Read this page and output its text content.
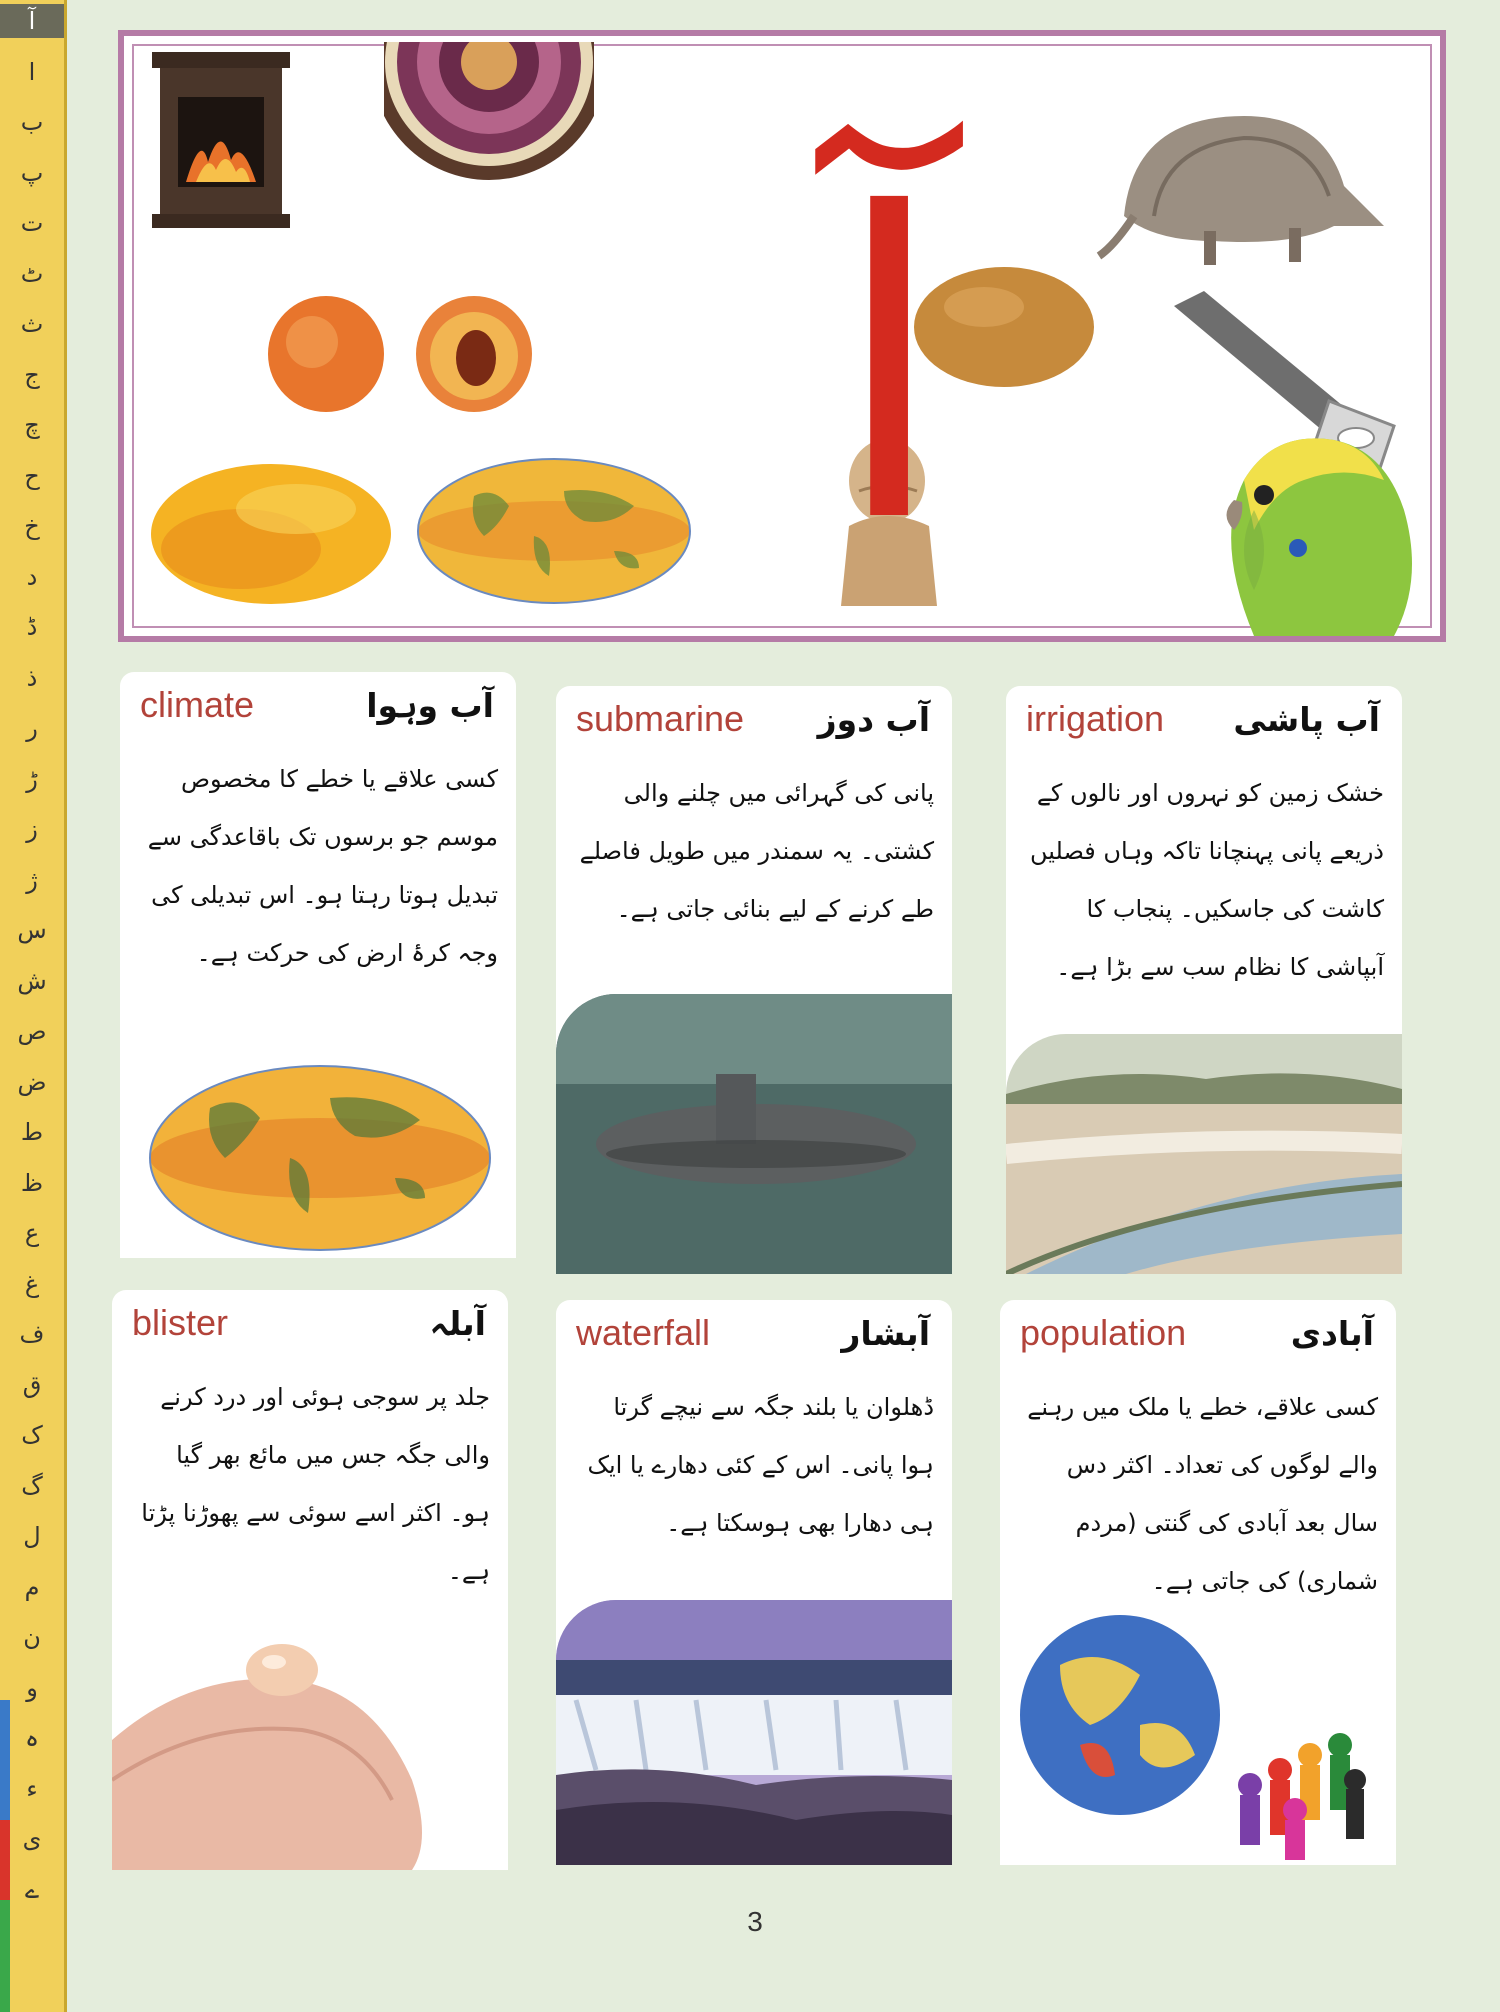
آ
ا
ب
پ
ت
ٹ
ث
ج
چ
ح
خ
د
ڈ
ذ
ر
ڑ
ز
ژ
س
ش
ص
ض
ط
ظ
ع
غ
ف
ق
ک
گ
ل
م
ن
و
ہ
ء
ی
ے
آ
irrigation آب پاشی
خشک زمین کو نہروں اور نالوں کے ذریعے پانی پہنچانا تاکہ وہاں فصلیں کاشت کی جاسکیں۔ پنجاب کا آبپاشی کا نظام سب سے بڑا ہے۔
submarine آب دوز
پانی کی گہرائی میں چلنے والی کشتی۔ یہ سمندر میں طویل فاصلے طے کرنے کے لیے بنائی جاتی ہے۔
climate	آب وہوا
کسی علاقے یا خطے کا مخصوص موسم جو برسوں تک باقاعدگی سے تبدیل ہوتا رہتا ہو۔ اس تبدیلی کی وجہ کرۂ ارض کی حرکت ہے۔
population	آبادی
کسی علاقے، خطے یا ملک میں رہنے والے لوگوں کی تعداد۔ اکثر دس سال بعد آبادی کی گنتی (مردم شماری) کی جاتی ہے۔
waterfall	آبشار
ڈھلوان یا بلند جگہ سے نیچے گرتا ہوا پانی۔ اس کے کئی دھارے یا ایک ہی دھارا بھی ہوسکتا ہے۔
blister	آبلہ
جلد پر سوجی ہوئی اور درد کرنے والی جگہ جس میں مائع بھر گیا ہو۔ اکثر اسے سوئی سے پھوڑنا پڑتا ہے۔
3
